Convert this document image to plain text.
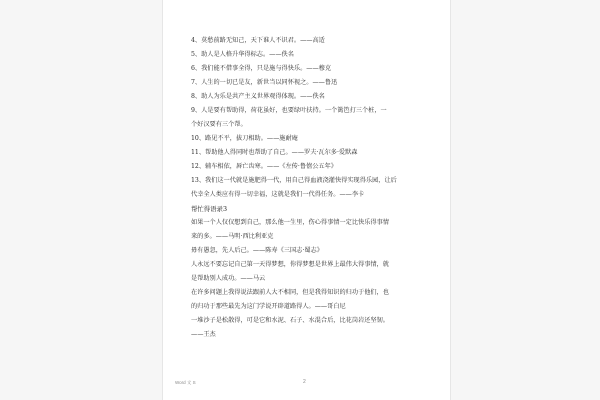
4、莫愁前路无知己，天下谁人不识君。——高适
5、助人是人格升华得标志。——佚名
6、我们能不借事全得，只是施与得快乐。——穆克
7、人生的一切已是友，新世当以同怀视之。——鲁迅
8、助人为乐是共产主义世界观得体现。——佚名
9、人是要有帮助得，荷花虽好，也要绿叶扶持。一个篱笆打三个桩，一
个好汉要有三个帮。
10、路见不平，拔刀相助。——施耐庵
11、帮助他人得同时也帮助了自己。——罗夫·瓦尔多·爱默森
12、辅车相依，唇亡齿寒。——《左传·鲁僖公五年》
13、我们这一代就是施肥得一代，用自己得血液浇灌快得实现得乐园，让后
代幸全人类应有得一切幸福，这就是我们一代得任务。——李卡
帮忙得语录3
如果一个人仅仅想到自己，那么他一生里，伤心得事情一定比快乐得事情
来的多。——马明·西比利亚克
毋有愚忽，先人后己。——陈寿《三国志·蜀志》
人永远不要忘记自己第一天得梦想，你得梦想是世界上最伟大得事情，就
是帮助别人成功。——马云
在许多问题上我得说法跟前人大不相同，但是我得知识的归功于他们，也
的归功于那些最先为这门学说开辟道路得人。——哥白尼
一堆沙子是松散得，可是它和水泥、石子、水混合后，比花岗岩还坚韧。
——王杰
Word 文 S	2
